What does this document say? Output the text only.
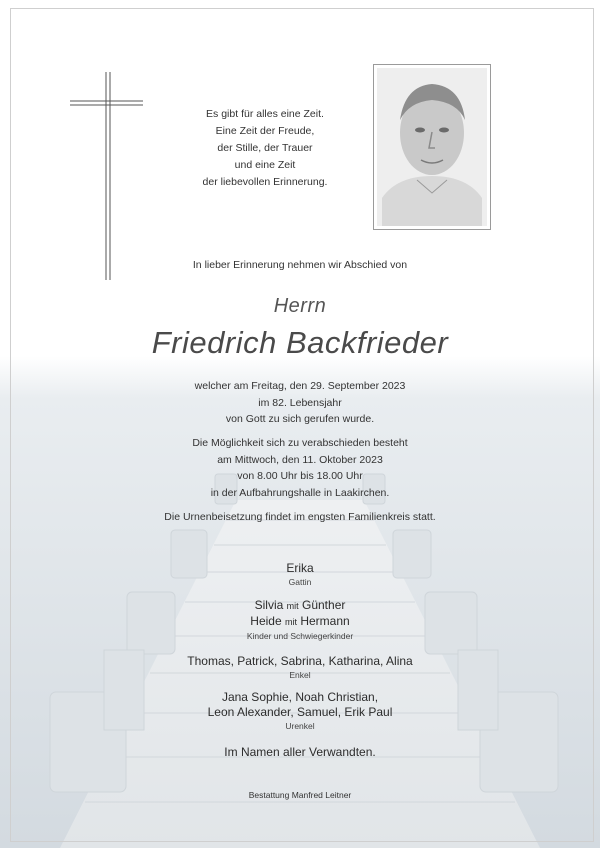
Es gibt für alles eine Zeit.
Eine Zeit der Freude,
der Stille, der Trauer
und eine Zeit
der liebevollen Erinnerung.
In lieber Erinnerung nehmen wir Abschied von
Herrn
Friedrich Backfrieder
welcher am Freitag, den 29. September 2023
im 82. Lebensjahr
von Gott zu sich gerufen wurde.
Die Möglichkeit sich zu verabschieden besteht
am Mittwoch, den 11. Oktober 2023
von 8.00 Uhr bis 18.00 Uhr
in der Aufbahrungshalle in Laakirchen.
Die Urnenbeisetzung findet im engsten Familienkreis statt.
Erika
Gattin
Silvia mit Günther
Heide mit Hermann
Kinder und Schwiegerkinder
Thomas, Patrick, Sabrina, Katharina, Alina
Enkel
Jana Sophie, Noah Christian,
Leon Alexander, Samuel, Erik Paul
Urenkel
Im Namen aller Verwandten.
Bestattung Manfred Leitner
